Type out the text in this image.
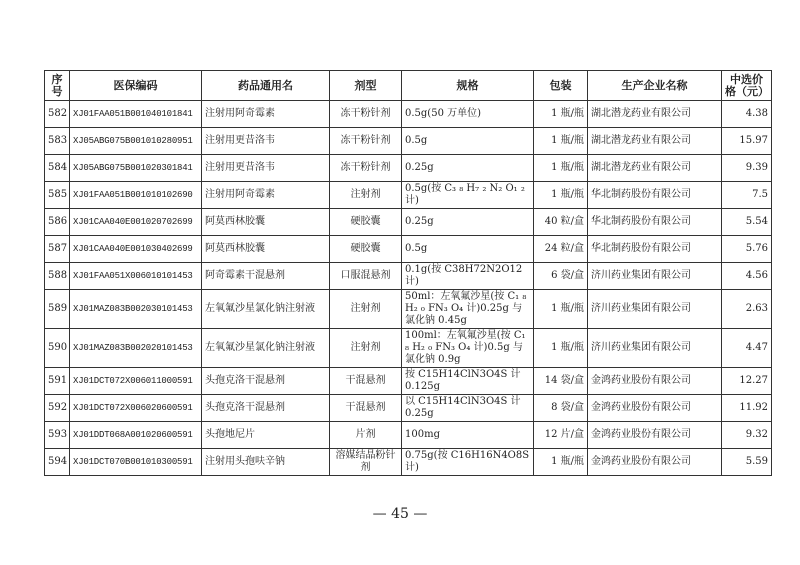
序号	医保编码	药品通用名	剂型	规格	包装	生产企业名称	中选价格（元）
582	XJ01FAA051B001040101841	注射用阿奇霉素	冻干粉针剂	0.5g(50 万单位)	1 瓶/瓶	湖北潜龙药业有限公司	4.38
583	XJ05ABG075B001010280951	注射用更昔洛韦	冻干粉针剂	0.5g	1 瓶/瓶	湖北潜龙药业有限公司	15.97
584	XJ05ABG075B001020301841	注射用更昔洛韦	冻干粉针剂	0.25g	1 瓶/瓶	湖北潜龙药业有限公司	9.39
585	XJ01FAA051B001010102690	注射用阿奇霉素	注射剂	0.5g(按 C₃ ₈ H₇ ₂ N₂ O₁ ₂ 计)	1 瓶/瓶	华北制药股份有限公司	7.5
586	XJ01CAA040E001020702699	阿莫西林胶囊	硬胶囊	0.25g	40 粒/盒	华北制药股份有限公司	5.54
587	XJ01CAA040E001030402699	阿莫西林胶囊	硬胶囊	0.5g	24 粒/盒	华北制药股份有限公司	5.76
588	XJ01FAA051X006010101453	阿奇霉素干混悬剂	口服混悬剂	0.1g(按 C38H72N2O12 计)	6 袋/盒	济川药业集团有限公司	4.56
589	XJ01MAZ083B002030101453	左氧氟沙星氯化钠注射液	注射剂	50ml：左氧氟沙星(按 C₁ ₈ H₂ ₀ FN₃ O₄ 计)0.25g 与氯化钠 0.45g	1 瓶/瓶	济川药业集团有限公司	2.63
590	XJ01MAZ083B002020101453	左氧氟沙星氯化钠注射液	注射剂	100ml：左氧氟沙星(按 C₁ ₈ H₂ ₀ FN₃ O₄ 计)0.5g 与氯化钠 0.9g	1 瓶/瓶	济川药业集团有限公司	4.47
591	XJ01DCT072X006011000591	头孢克洛干混悬剂	干混悬剂	按 C15H14ClN3O4S 计 0.125g	14 袋/盒	金鸿药业股份有限公司	12.27
592	XJ01DCT072X006020600591	头孢克洛干混悬剂	干混悬剂	以 C15H14ClN3O4S 计 0.25g	8 袋/盒	金鸿药业股份有限公司	11.92
593	XJ01DDT068A001020600591	头孢地尼片	片剂	100mg	12 片/盒	金鸿药业股份有限公司	9.32
594	XJ01DCT070B001010300591	注射用头孢呋辛钠	溶媒结晶粉针剂	0.75g(按 C16H16N4O8S 计)	1 瓶/瓶	金鸿药业股份有限公司	5.59
— 45 —
